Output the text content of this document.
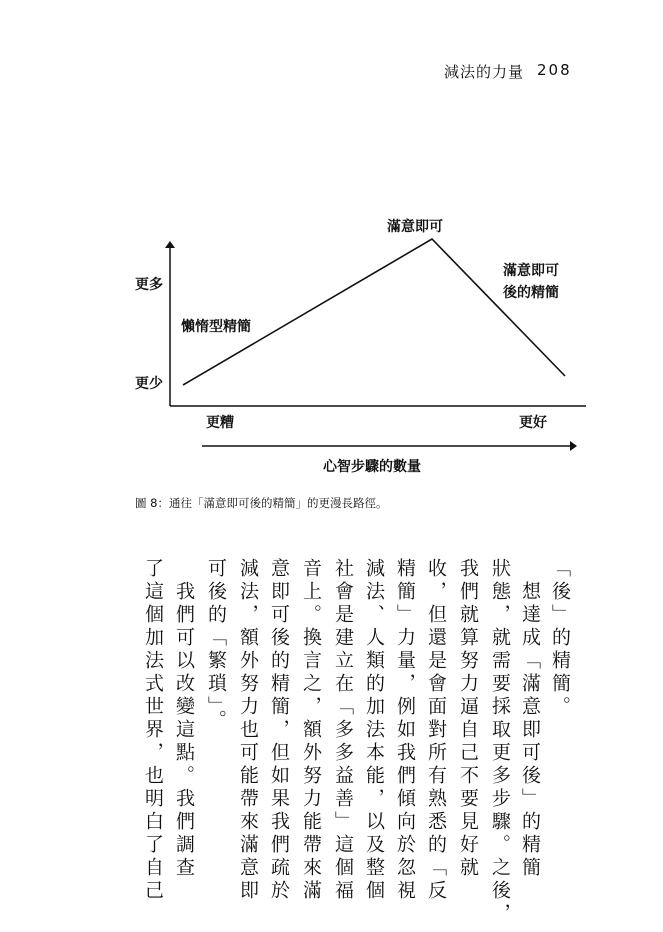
減法的力量 208
滿意即可
更多
更少
懶惰型精簡
滿意即可
後的精簡
更糟	更好
心智步驟的數量
圖 8：通往「滿意即可後的精簡」的更漫長路徑。
「後」的精簡。
　想達成「滿意即可後」的精簡
狀態，就需要採取更多步驟。之後，
我們就算努力逼自己不要見好就
收，但還是會面對所有熟悉的「反
精簡」力量，例如我們傾向於忽視
減法、人類的加法本能，以及整個
社會是建立在「多多益善」這個福
音上。換言之，額外努力能帶來滿
意即可後的精簡，但如果我們疏於
減法，額外努力也可能帶來滿意即
可後的「繁瑣」。
　我們可以改變這點。我們調查
了這個加法式世界，也明白了自己
